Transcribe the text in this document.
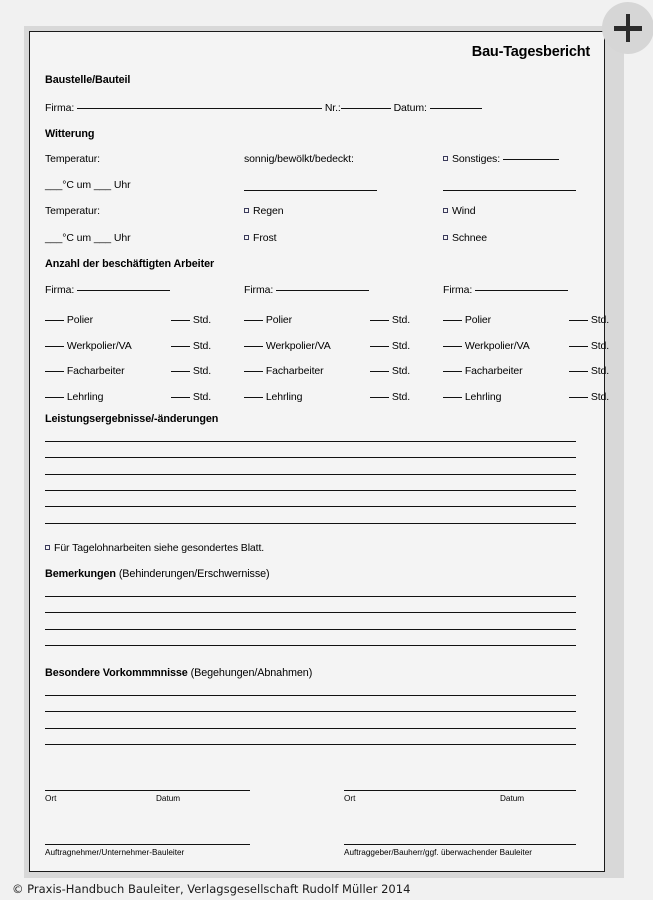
Bau-Tagesbericht
Baustelle/Bauteil
Firma:	Nr.:	Datum:
Witterung
Temperatur:	sonnig/bewölkt/bedeckt:	Sonstiges:
___°C um ___ Uhr
Temperatur:	Regen	Wind
___°C um ___ Uhr	Frost	Schnee
Anzahl der beschäftigten Arbeiter
Firma:
Polier	Std.
Werkpolier/VA	Std.
Facharbeiter	Std.
Lehrling	Std.
Firma:
Polier	Std.
Werkpolier/VA	Std.
Facharbeiter	Std.
Lehrling	Std.
Firma:
Polier	Std.
Werkpolier/VA	Std.
Facharbeiter	Std.
Lehrling	Std.
Leistungsergebnisse/-änderungen
Für Tagelohnarbeiten siehe gesondertes Blatt.
Bemerkungen (Behinderungen/Erschwernisse)
Besondere Vorkommmnisse (Begehungen/Abnahmen)
Ort	Datum
Auftragnehmer/Unternehmer-Bauleiter
Ort	Datum
Auftraggeber/Bauherr/ggf. überwachender Bauleiter
© Praxis-Handbuch Bauleiter, Verlagsgesellschaft Rudolf Müller 2014
